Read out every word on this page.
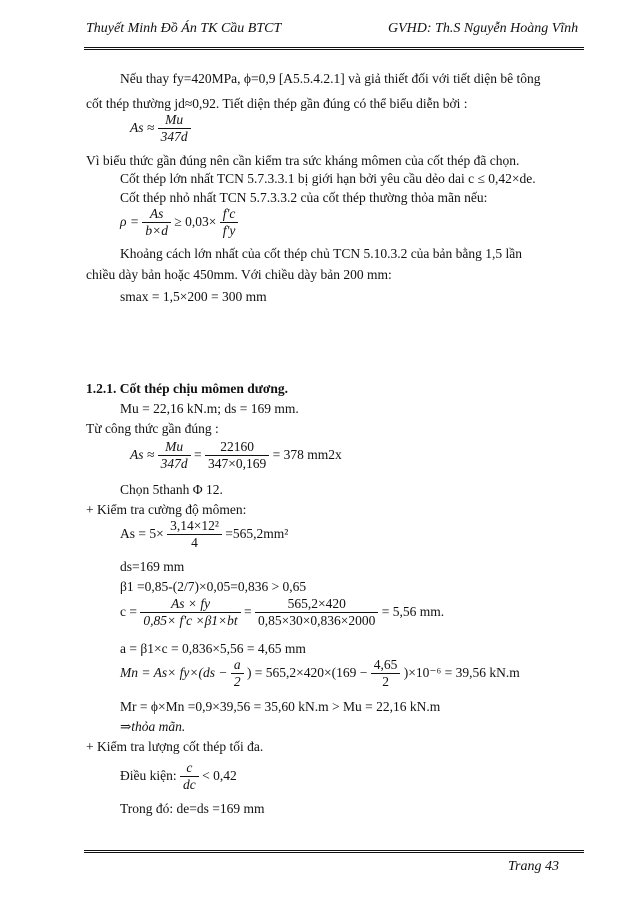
Thuyết Minh Đồ Án TK Cầu BTCT	GVHD: Th.S Nguyễn Hoàng Vĩnh
Nếu thay fy=420MPa, ϕ=0,9 [A5.5.4.2.1] và giả thiết đối với tiết diện bê tông
cốt thép thường jd≈0,92. Tiết diện thép gần đúng có thể biểu diễn bởi :
$As \approx \frac{Mu}{347d}$
Vì biểu thức gần đúng nên cần kiểm tra sức kháng mômen của cốt thép đã chọn.
Cốt thép lớn nhất TCN 5.7.3.3.1 bị giới hạn bởi yêu cầu dẻo dai c ≤ 0,42×de.
Cốt thép nhỏ nhất TCN 5.7.3.3.2 của cốt thép thường thỏa mãn nếu:
$\rho = \frac{As}{b\times d} \ge 0,03\times \frac{f'c}{f'y}$
Khoảng cách lớn nhất của cốt thép chủ TCN 5.10.3.2 của bản bằng 1,5 lần
chiều dày bản hoặc 450mm. Với chiều dày bản 200 mm:
smax = 1,5×200 = 300 mm
1.2.1. Cốt thép chịu mômen dương.
Mu = 22,16 kN.m; ds = 169 mm.
Từ công thức gần đúng :
$As \approx \frac{Mu}{347d} = \frac{22160}{347\times 0,169} = 378$ mm2x
Chọn 5thanh Φ 12.
+ Kiểm tra cường độ mômen:
$As = 5\times \frac{\text{3,14×12²}}{4} =565,2mm^2$
ds=169 mm
β1 =0,85-(2/7)×0,05=0,836 > 0,65
$c = \frac{As \times fy}{0,85\times f'c \times\beta 1\times bt} = \frac{565,2\times 420}{0,85\times 30\times 0,836\times 2000} = 5,56$ mm.
a = β1×c = 0,836×5,56 = 4,65 mm
$Mn = As\times fy\times(ds - \frac{a}{2}$ ) = $565,2\times 420\times(169 - \frac{4,65}{2} )\times 10^{-6} = 39,56$ kN.m
Mr = ϕ×Mn =0,9×39,56 = 35,60 kN.m > Mu = 22,16 kN.m
⇒thỏa mãn.
+ Kiểm tra lượng cốt thép tối đa.
Điều kiện: $\frac{c}{dc} < 0,42$
Trong đó: de=ds =169 mm
Trang 43
